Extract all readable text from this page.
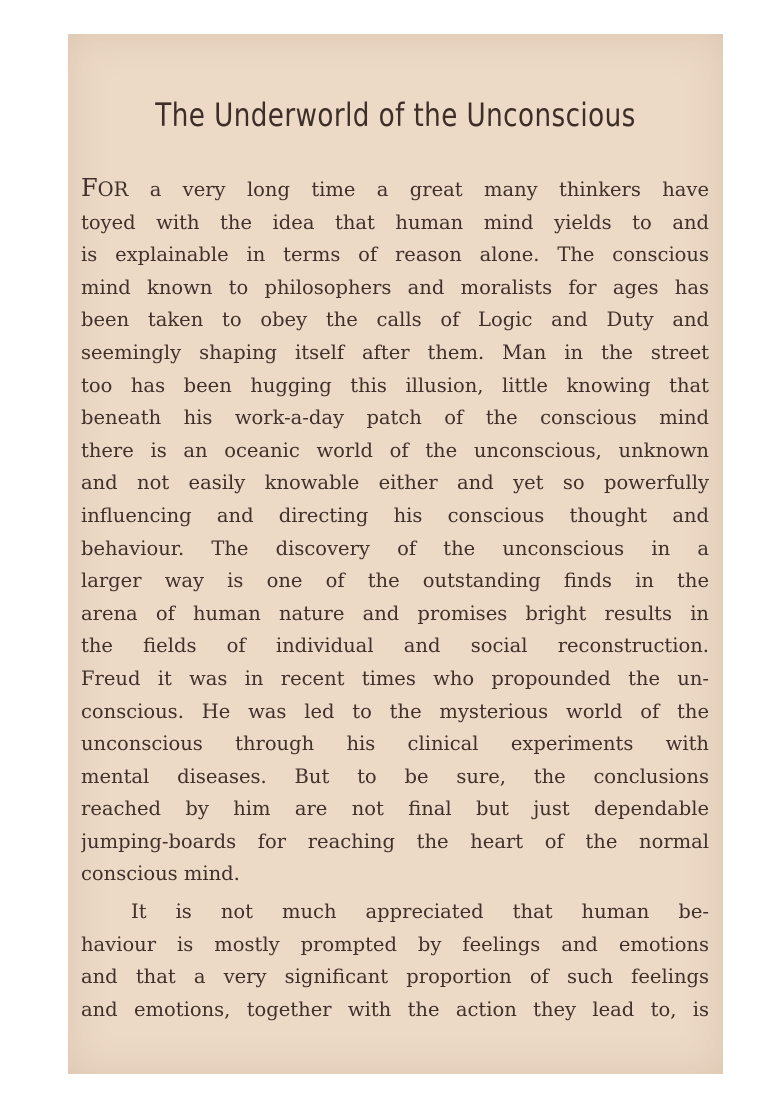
The Underworld of the Unconscious
FOR a very long time a great many thinkers have
toyed with the idea that human mind yields to and
is explainable in terms of reason alone. The conscious
mind known to philosophers and moralists for ages has
been taken to obey the calls of Logic and Duty and
seemingly shaping itself after them. Man in the street
too has been hugging this illusion, little knowing that
beneath his work-a-day patch of the conscious mind
there is an oceanic world of the unconscious, unknown
and not easily knowable either and yet so powerfully
influencing and directing his conscious thought and
behaviour. The discovery of the unconscious in a
larger way is one of the outstanding finds in the
arena of human nature and promises bright results in
the fields of individual and social reconstruction.
Freud it was in recent times who propounded the un-
conscious. He was led to the mysterious world of the
unconscious through his clinical experiments with
mental diseases. But to be sure, the conclusions
reached by him are not final but just dependable
jumping-boards for reaching the heart of the normal
conscious mind.
It is not much appreciated that human be-
haviour is mostly prompted by feelings and emotions
and that a very significant proportion of such feelings
and emotions, together with the action they lead to, is
